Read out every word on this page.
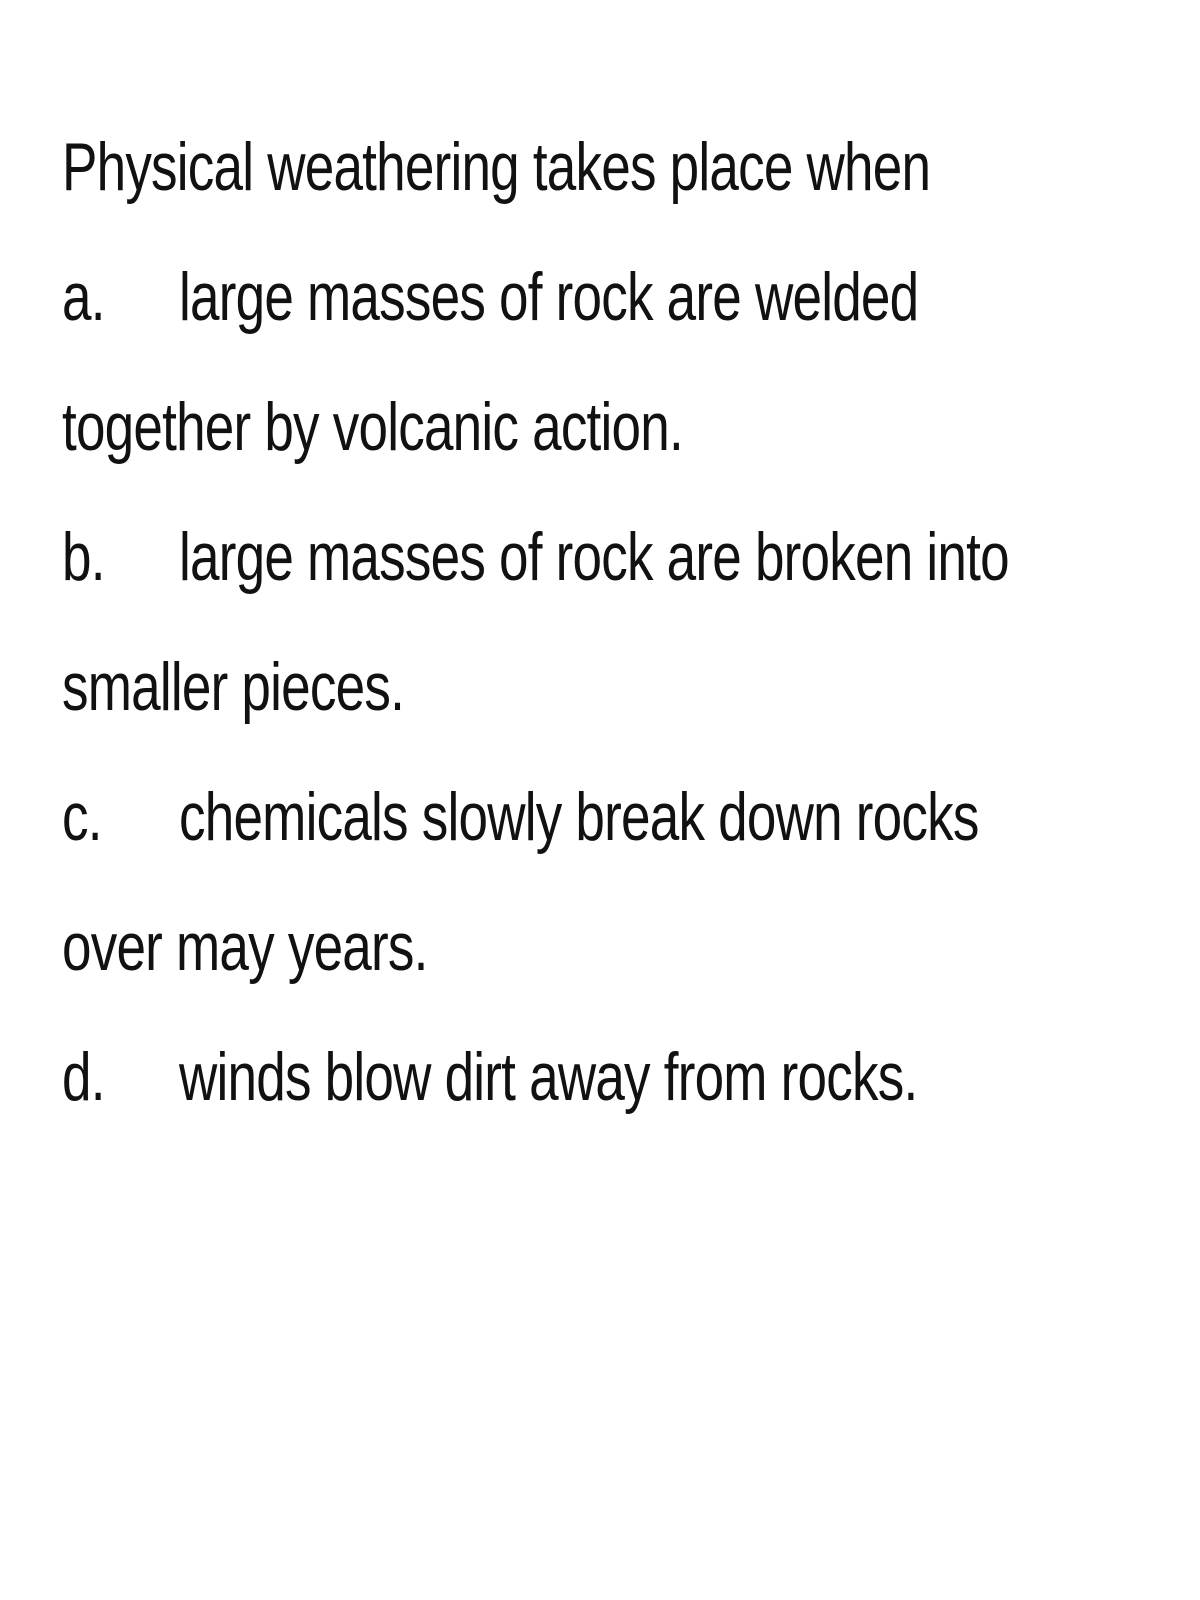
Physical weathering takes place when
a. large masses of rock are welded
together by volcanic action.
b. large masses of rock are broken into
smaller pieces.
c. chemicals slowly break down rocks
over may years.
d. winds blow dirt away from rocks.
